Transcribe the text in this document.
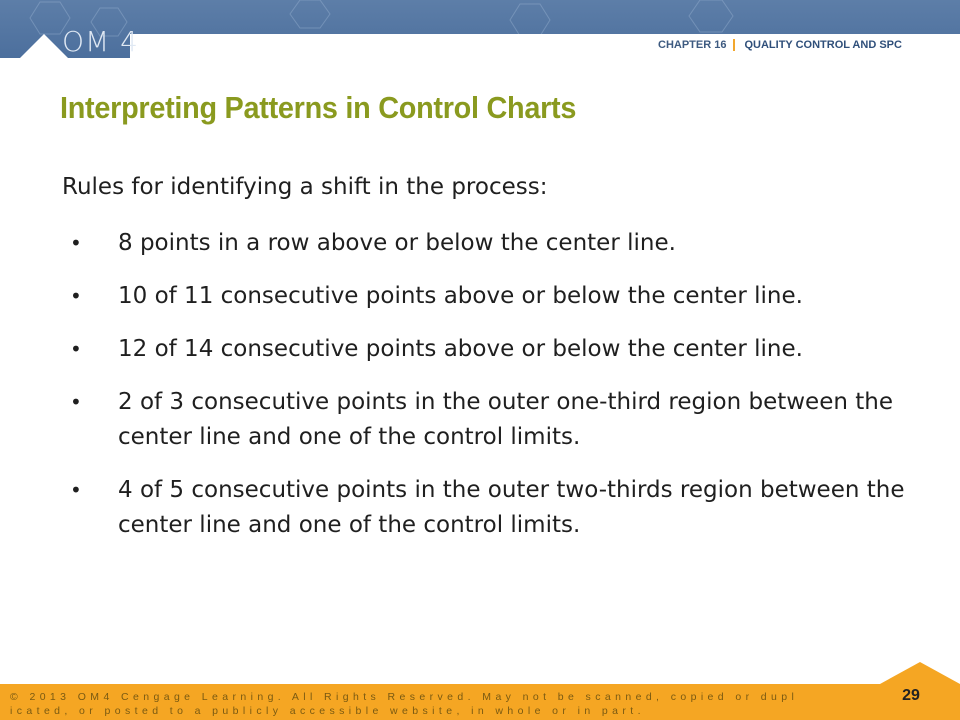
OM 4	CHAPTER 16	QUALITY CONTROL AND SPC
Interpreting Patterns in Control Charts
Rules for identifying a shift in the process:
• 8 points in a row above or below the center line.
• 10 of 11 consecutive points above or below the center line.
• 12 of 14 consecutive points above or below the center line.
• 2 of 3 consecutive points in the outer one-third region between the center line and one of the control limits.
• 4 of 5 consecutive points in the outer two-thirds region between the center line and one of the control limits.
© 2013 OM4 Cengage Learning. All Rights Reserved. May not be scanned, copied or duplicated, or posted to a publicly accessible website, in whole or in part.
29
